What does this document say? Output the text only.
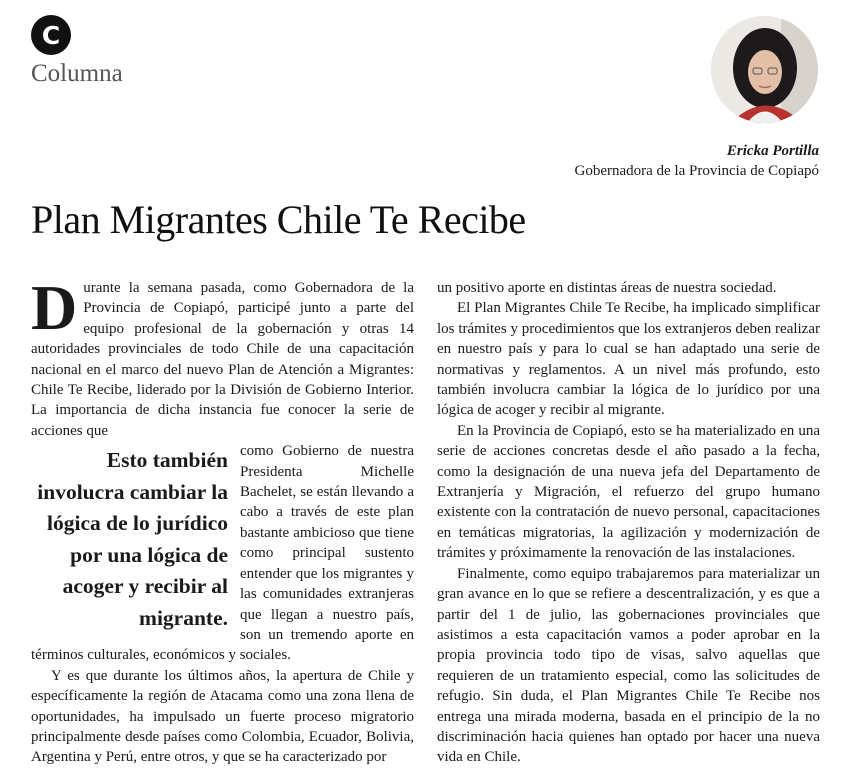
C
Columna
Ericka Portilla
Gobernadora de la Provincia de Copiapó
Plan Migrantes Chile Te Recibe

Durante la semana pasada, como Gobernadora de la Provincia de Copiapó, participé junto a parte del equipo profesional de la gobernación y otras 14 autoridades provinciales de todo Chile de una capacitación nacional en el marco del nuevo Plan de Atención a Migrantes: Chile Te Recibe, liderado por la División de Gobierno Interior. La importancia de dicha instancia fue conocer la serie de acciones que

Esto también involucra cambiar la lógica de lo jurídico por una lógica de acoger y recibir al migrante.
como Gobierno de nuestra Presidenta Michelle Bachelet, se están llevando a cabo a través de este plan bastante ambicioso que tiene como principal sustento entender que los migrantes y las comunidades extranjeras que llegan a nuestro país, son un tremendo aporte en términos culturales, económicos y sociales.

Y es que durante los últimos años, la apertura de Chile y específicamente la región de Atacama como una zona llena de oportunidades, ha impulsado un fuerte proceso migratorio principalmente desde países como Colombia, Ecuador, Bolivia, Argentina y Perú, entre otros, y que se ha caracterizado por

un positivo aporte en distintas áreas de nuestra sociedad.

El Plan Migrantes Chile Te Recibe, ha implicado simplificar los trámites y procedimientos que los extranjeros deben realizar en nuestro país y para lo cual se han adaptado una serie de normativas y reglamentos. A un nivel más profundo, esto también involucra cambiar la lógica de lo jurídico por una lógica de acoger y recibir al migrante.

En la Provincia de Copiapó, esto se ha materializado en una serie de acciones concretas desde el año pasado a la fecha, como la designación de una nueva jefa del Departamento de Extranjería y Migración, el refuerzo del grupo humano existente con la contratación de nuevo personal, capacitaciones en temáticas migratorias, la agilización y modernización de trámites y próximamente la renovación de las instalaciones.

Finalmente, como equipo trabajaremos para materializar un gran avance en lo que se refiere a descentralización, y es que a partir del 1 de julio, las gobernaciones provinciales que asistimos a esta capacitación vamos a poder aprobar en la propia provincia todo tipo de visas, salvo aquellas que requieren de un tratamiento especial, como las solicitudes de refugio. Sin duda, el Plan Migrantes Chile Te Recibe nos entrega una mirada moderna, basada en el principio de la no discriminación hacia quienes han optado por hacer una nueva vida en Chile.
